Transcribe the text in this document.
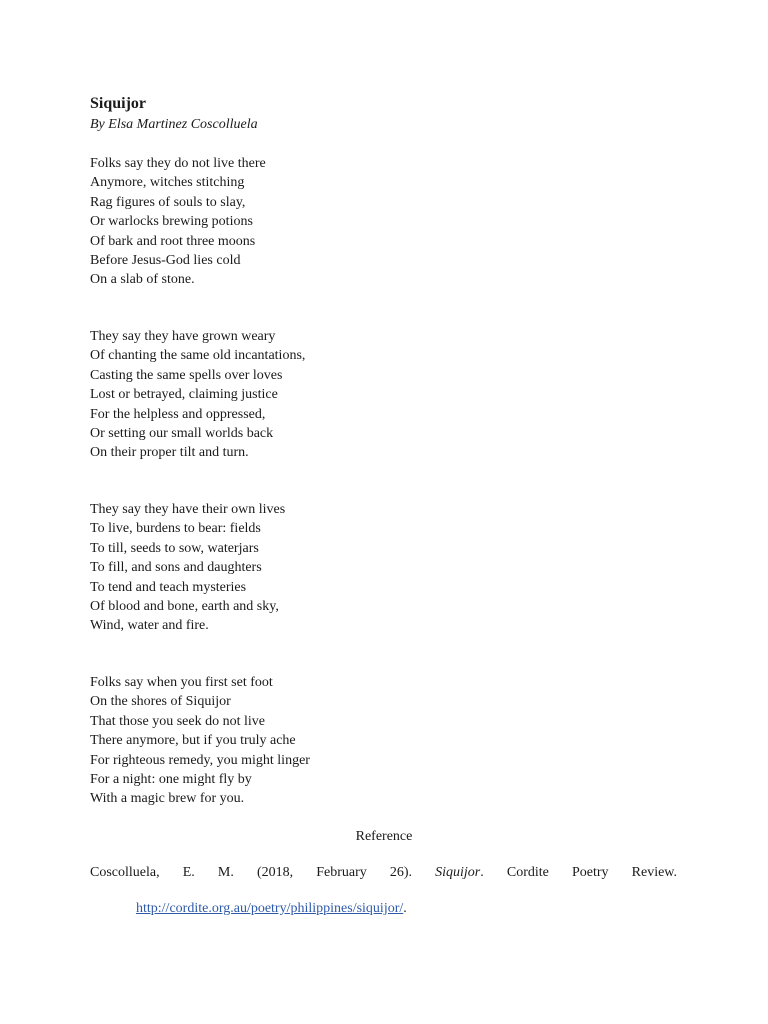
Siquijor
By Elsa Martinez Coscolluela
Folks say they do not live there
Anymore, witches stitching
Rag figures of souls to slay,
Or warlocks brewing potions
Of bark and root three moons
Before Jesus-God lies cold
On a slab of stone.
They say they have grown weary
Of chanting the same old incantations,
Casting the same spells over loves
Lost or betrayed, claiming justice
For the helpless and oppressed,
Or setting our small worlds back
On their proper tilt and turn.
They say they have their own lives
To live, burdens to bear: fields
To till, seeds to sow, waterjars
To fill, and sons and daughters
To tend and teach mysteries
Of blood and bone, earth and sky,
Wind, water and fire.
Folks say when you first set foot
On the shores of Siquijor
That those you seek do not live
There anymore, but if you truly ache
For righteous remedy, you might linger
For a night: one might fly by
With a magic brew for you.
Reference
Coscolluela, E. M. (2018, February 26). Siquijor. Cordite Poetry Review.
http://cordite.org.au/poetry/philippines/siquijor/.
